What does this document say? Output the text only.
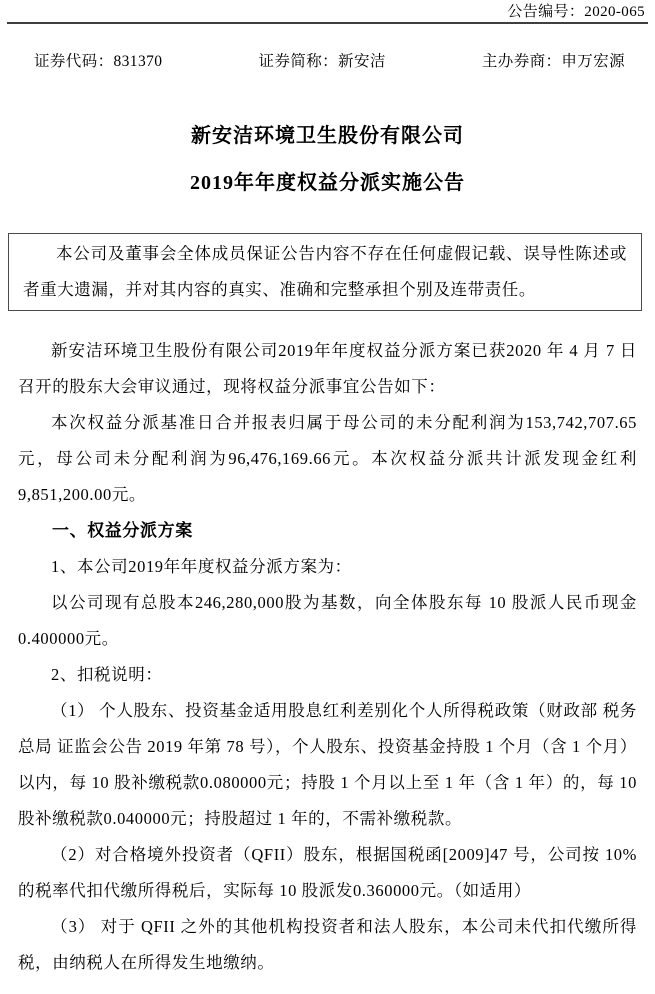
公告编号：2020-065
证券代码：831370	证券简称：新安洁	主办券商：申万宏源
新安洁环境卫生股份有限公司
2019年年度权益分派实施公告
本公司及董事会全体成员保证公告内容不存在任何虚假记载、误导性陈述或者重大遗漏，并对其内容的真实、准确和完整承担个别及连带责任。

新安洁环境卫生股份有限公司2019年年度权益分派方案已获2020 年 4 月 7 日召开的股东大会审议通过，现将权益分派事宜公告如下：

本次权益分派基准日合并报表归属于母公司的未分配利润为153,742,707.65元，母公司未分配利润为96,476,169.66元。本次权益分派共计派发现金红利9,851,200.00元。

一、权益分派方案

1、本公司2019年年度权益分派方案为：

以公司现有总股本246,280,000股为基数，向全体股东每 10 股派人民币现金0.400000元。

2、扣税说明：

（1） 个人股东、投资基金适用股息红利差别化个人所得税政策（财政部 税务总局 证监会公告 2019 年第 78 号），个人股东、投资基金持股 1 个月（含 1 个月）以内，每 10 股补缴税款0.080000元；持股 1 个月以上至 1 年（含 1 年）的，每 10 股补缴税款0.040000元；持股超过 1 年的，不需补缴税款。

（2）对合格境外投资者（QFII）股东，根据国税函[2009]47 号，公司按 10%的税率代扣代缴所得税后，实际每 10 股派发0.360000元。（如适用）

（3） 对于 QFII 之外的其他机构投资者和法人股东，本公司未代扣代缴所得税，由纳税人在所得发生地缴纳。
